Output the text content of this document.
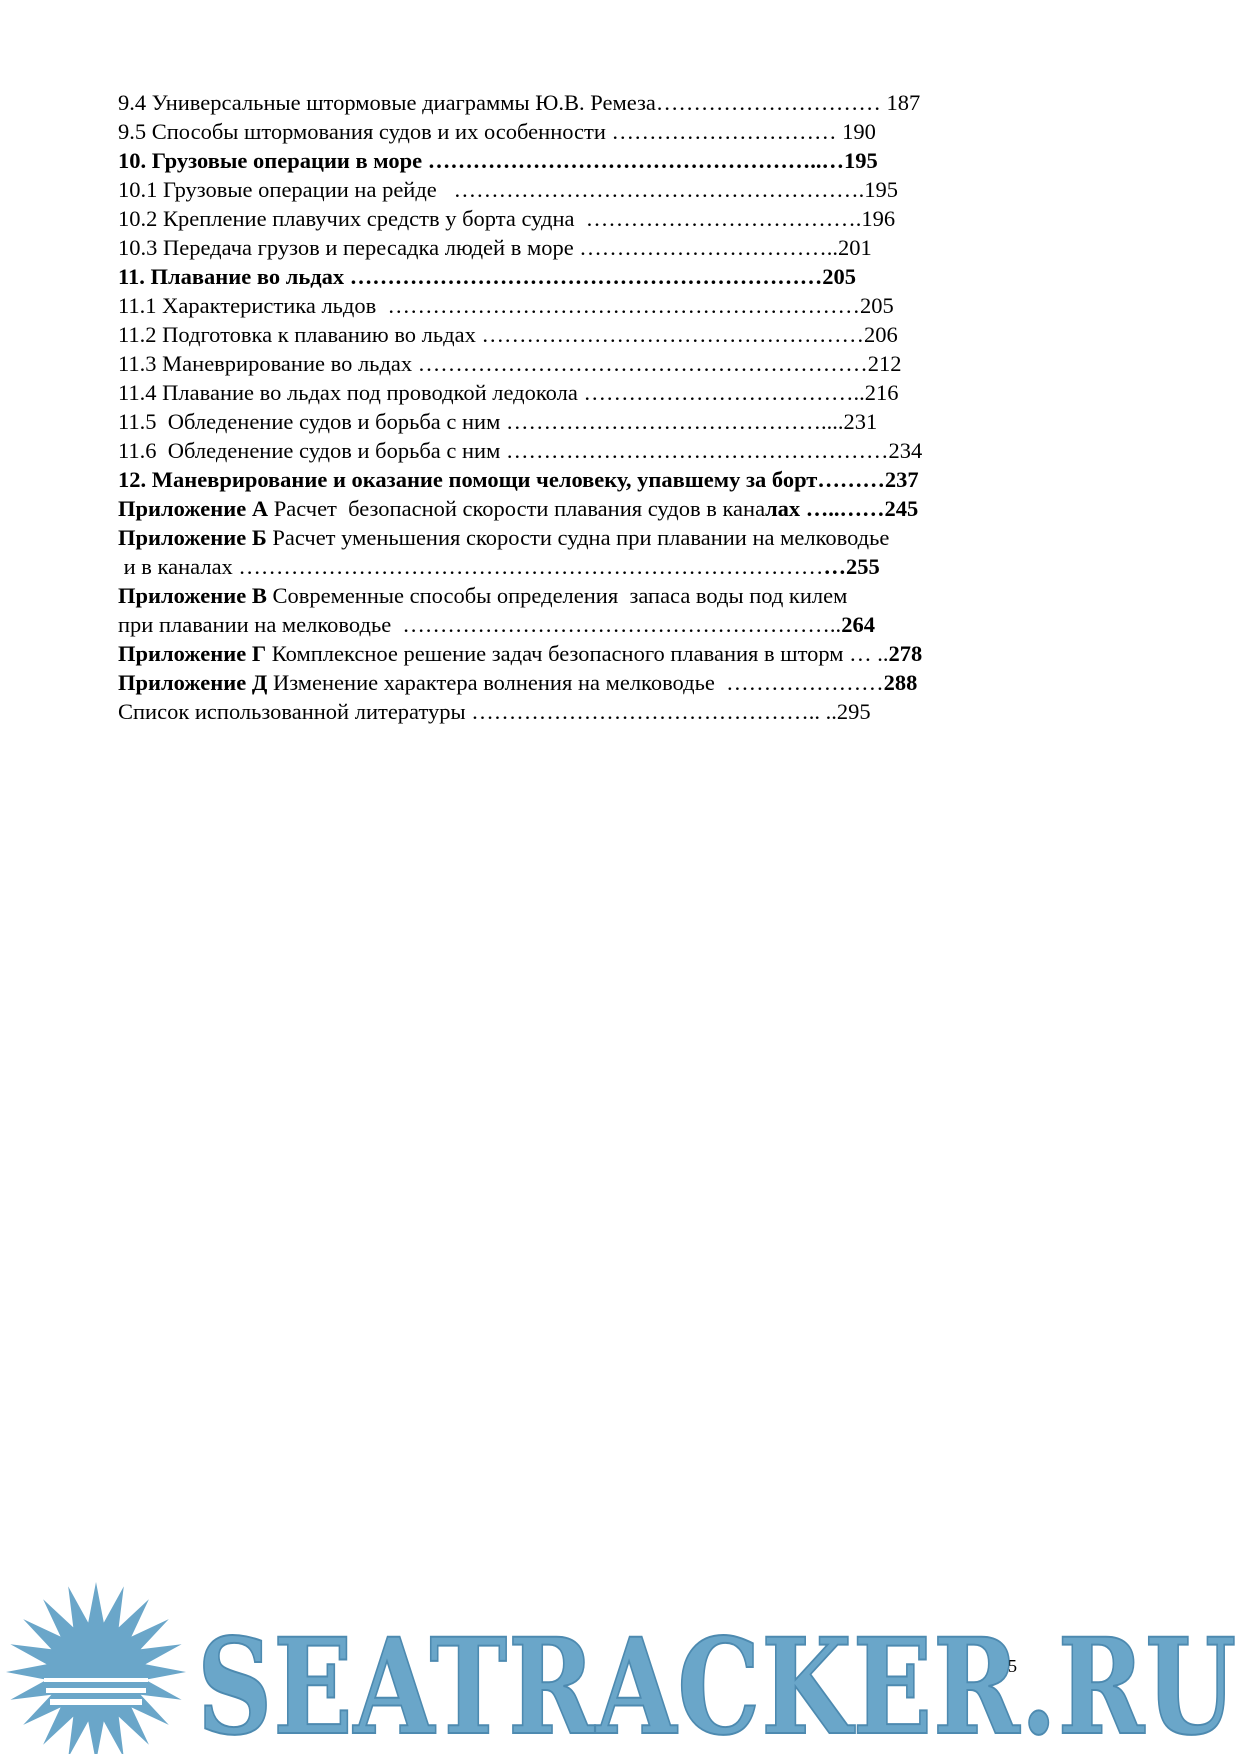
9.4 Универсальные штормовые диаграммы Ю.В. Ремеза………………………… 187
9.5 Способы штормования судов и их особенности ………………………… 190
10. Грузовые операции в море ……………………………………………..…195
10.1 Грузовые операции на рейде   ……………………………………………….195
10.2 Крепление плавучих средств у борта судна  ……………………………….196
10.3 Передача грузов и пересадка людей в море ……………………………..201
11. Плавание во льдах ………………………………………………………205
11.1 Характеристика льдов  ………………………………………………………205
11.2 Подготовка к плаванию во льдах ……………………………………………206
11.3 Маневрирование во льдах ……………………………………………………212
11.4 Плавание во льдах под проводкой ледокола ………………………………..216
11.5  Обледенение судов и борьба с ним ……………………………………....231
11.6  Обледенение судов и борьба с ним ……………………………………………234
12. Маневрирование и оказание помощи человеку, упавшему за борт………237
Приложение А Расчет  безопасной скорости плавания судов в каналах …..……245
Приложение Б Расчет уменьшения скорости судна при плавании на мелководье
и в каналах ………………………………………………………………………255
Приложение В Современные способы определения  запаса воды под килем
при плавании на мелководье  …………………………………………………..264
Приложение Г Комплексное решение задач безопасного плавания в шторм … ..278
Приложение Д Изменение характера волнения на мелководье  …………………288
Список использованной литературы ……………………………………….. ..295
SEATRACKER.RU
5
